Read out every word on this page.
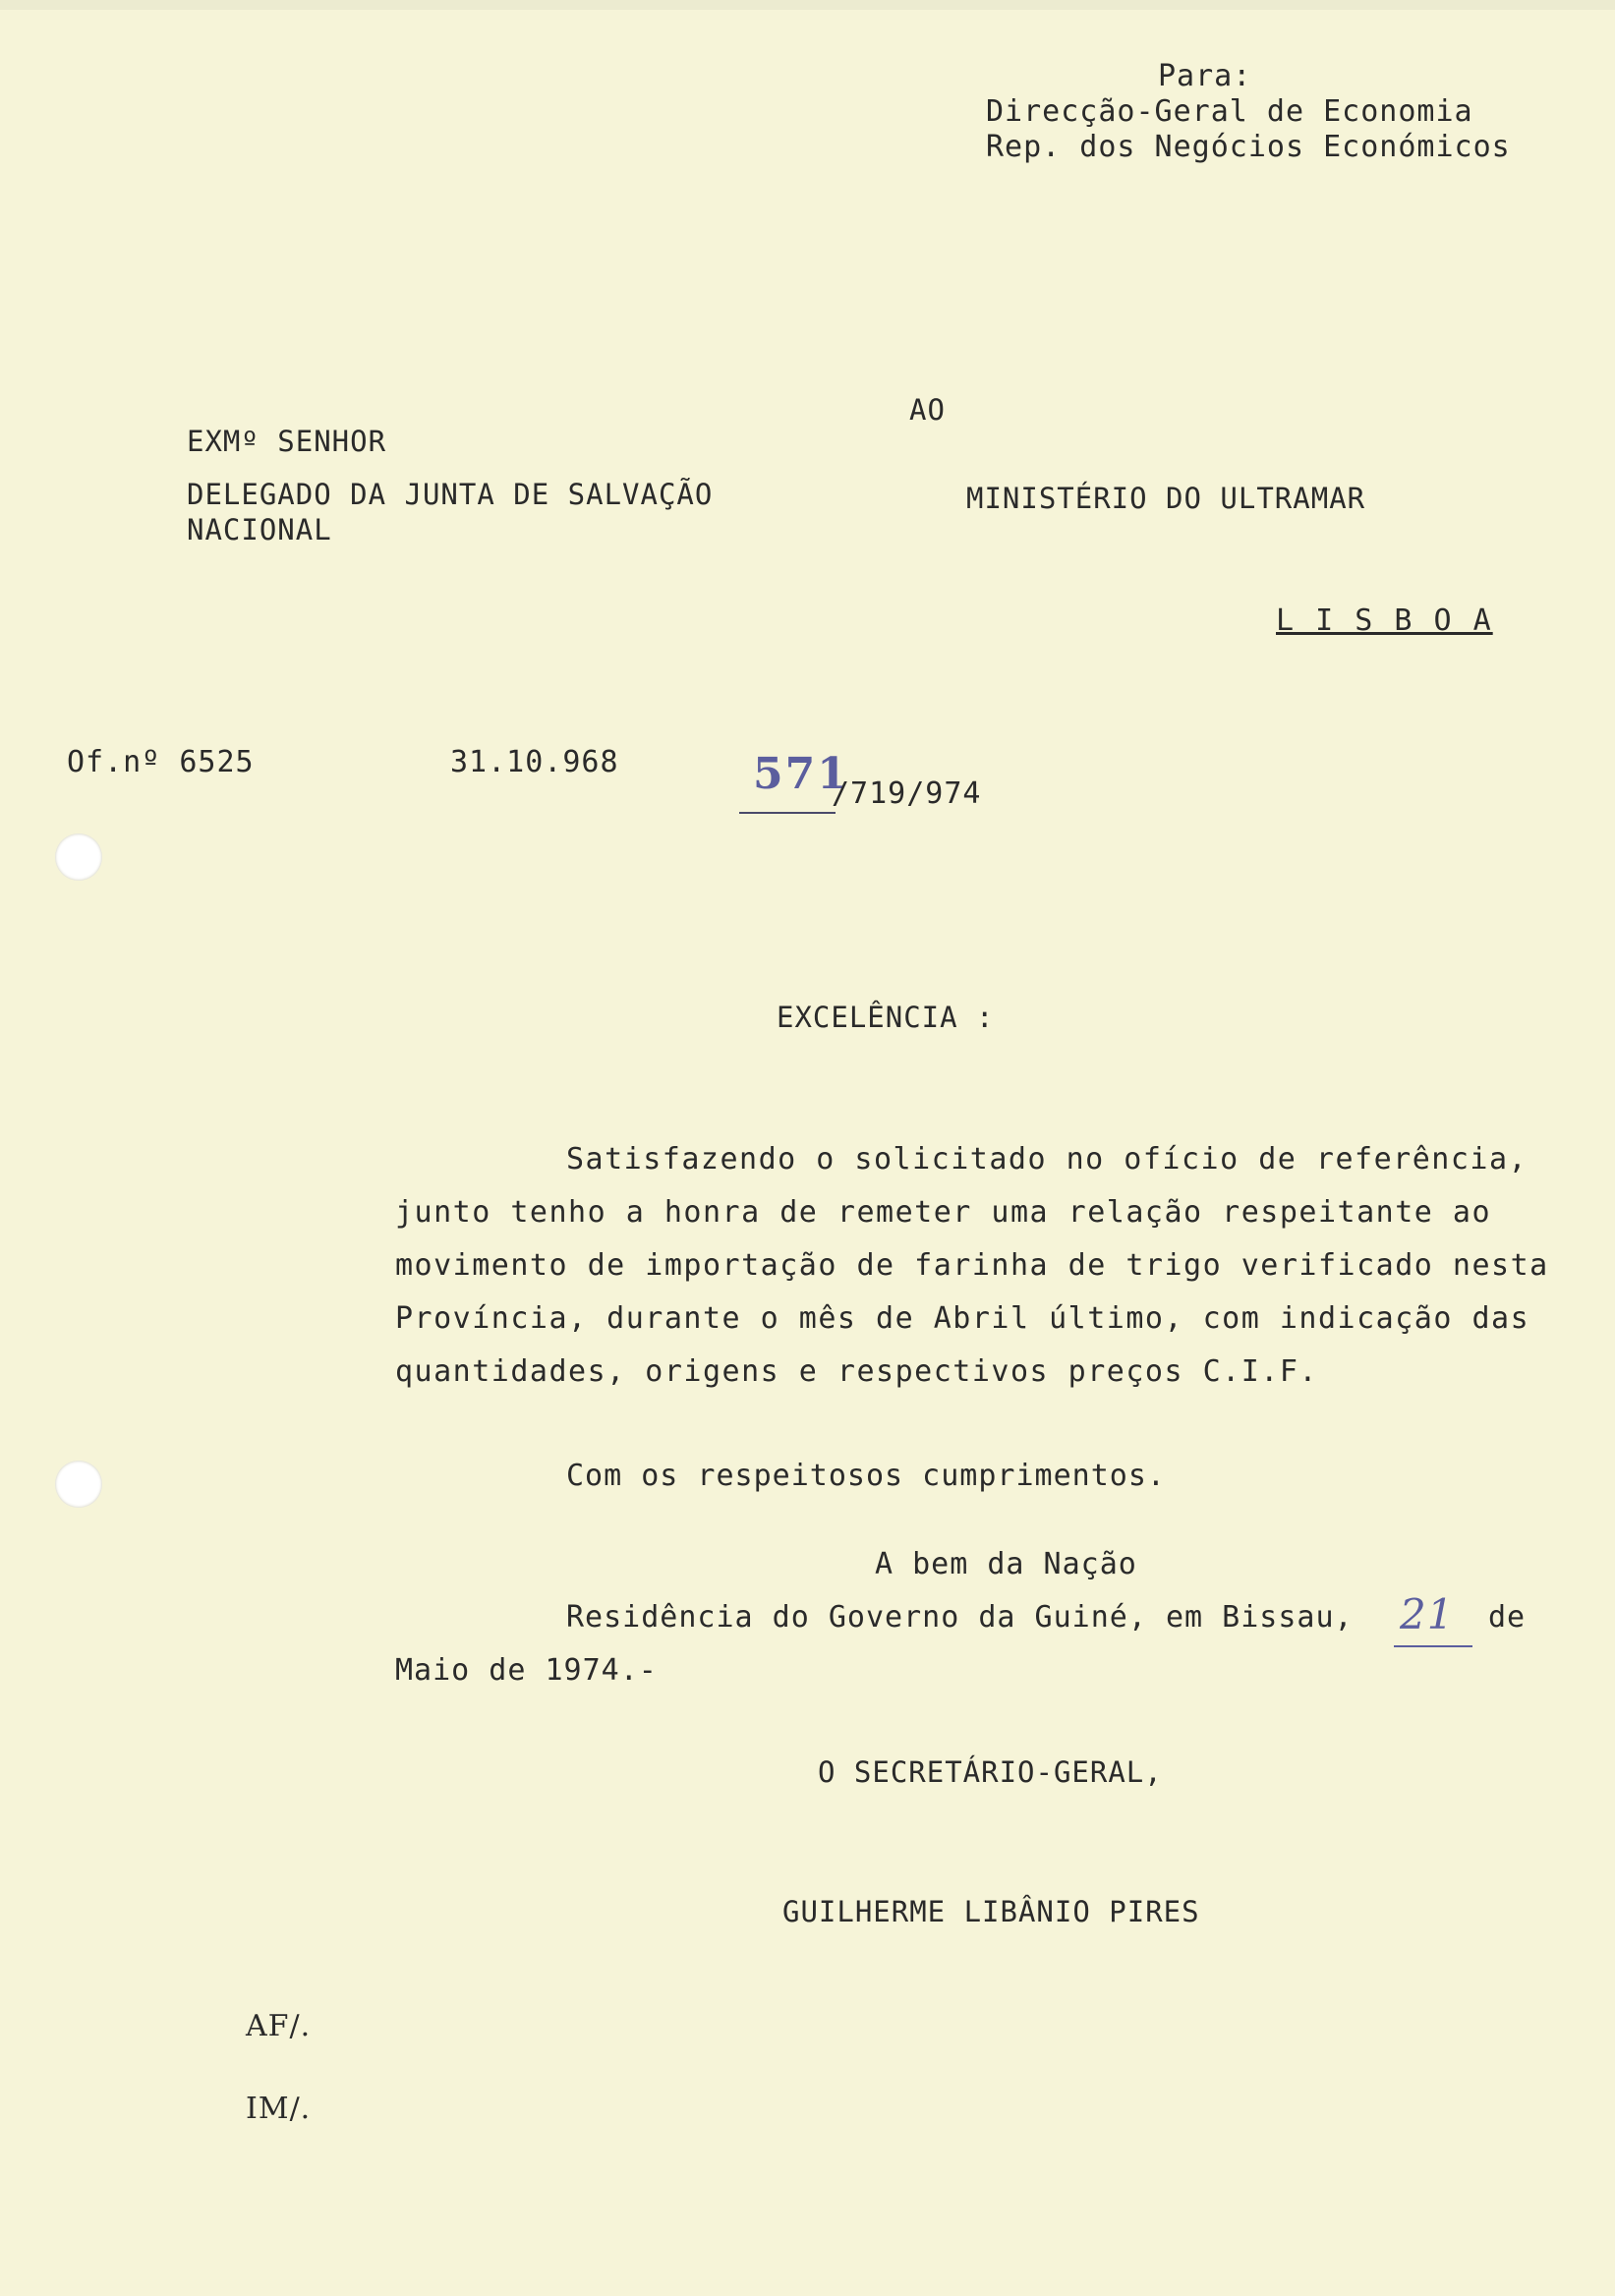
Para:
Direcção-Geral de Economia
Rep. dos Negócios Económicos
AO
EXMº SENHOR
DELEGADO DA JUNTA DE SALVAÇÃO
NACIONAL
MINISTÉRIO DO ULTRAMAR
L I S B O A
Of.nº 6525	31.10.968	571
/719/974
EXCELÊNCIA :
Satisfazendo o solicitado no ofício de referência,
junto tenho a honra de remeter uma relação respeitante ao
movimento de importação de farinha de trigo verificado nesta
Província, durante o mês de Abril último, com indicação das
quantidades, origens e respectivos preços C.I.F.
Com os respeitosos cumprimentos.
A bem da Nação
Residência do Governo da Guiné, em Bissau, 21 de
Maio de 1974.-
O SECRETÁRIO-GERAL,
GUILHERME LIBÂNIO PIRES
AF/.
IM/.
